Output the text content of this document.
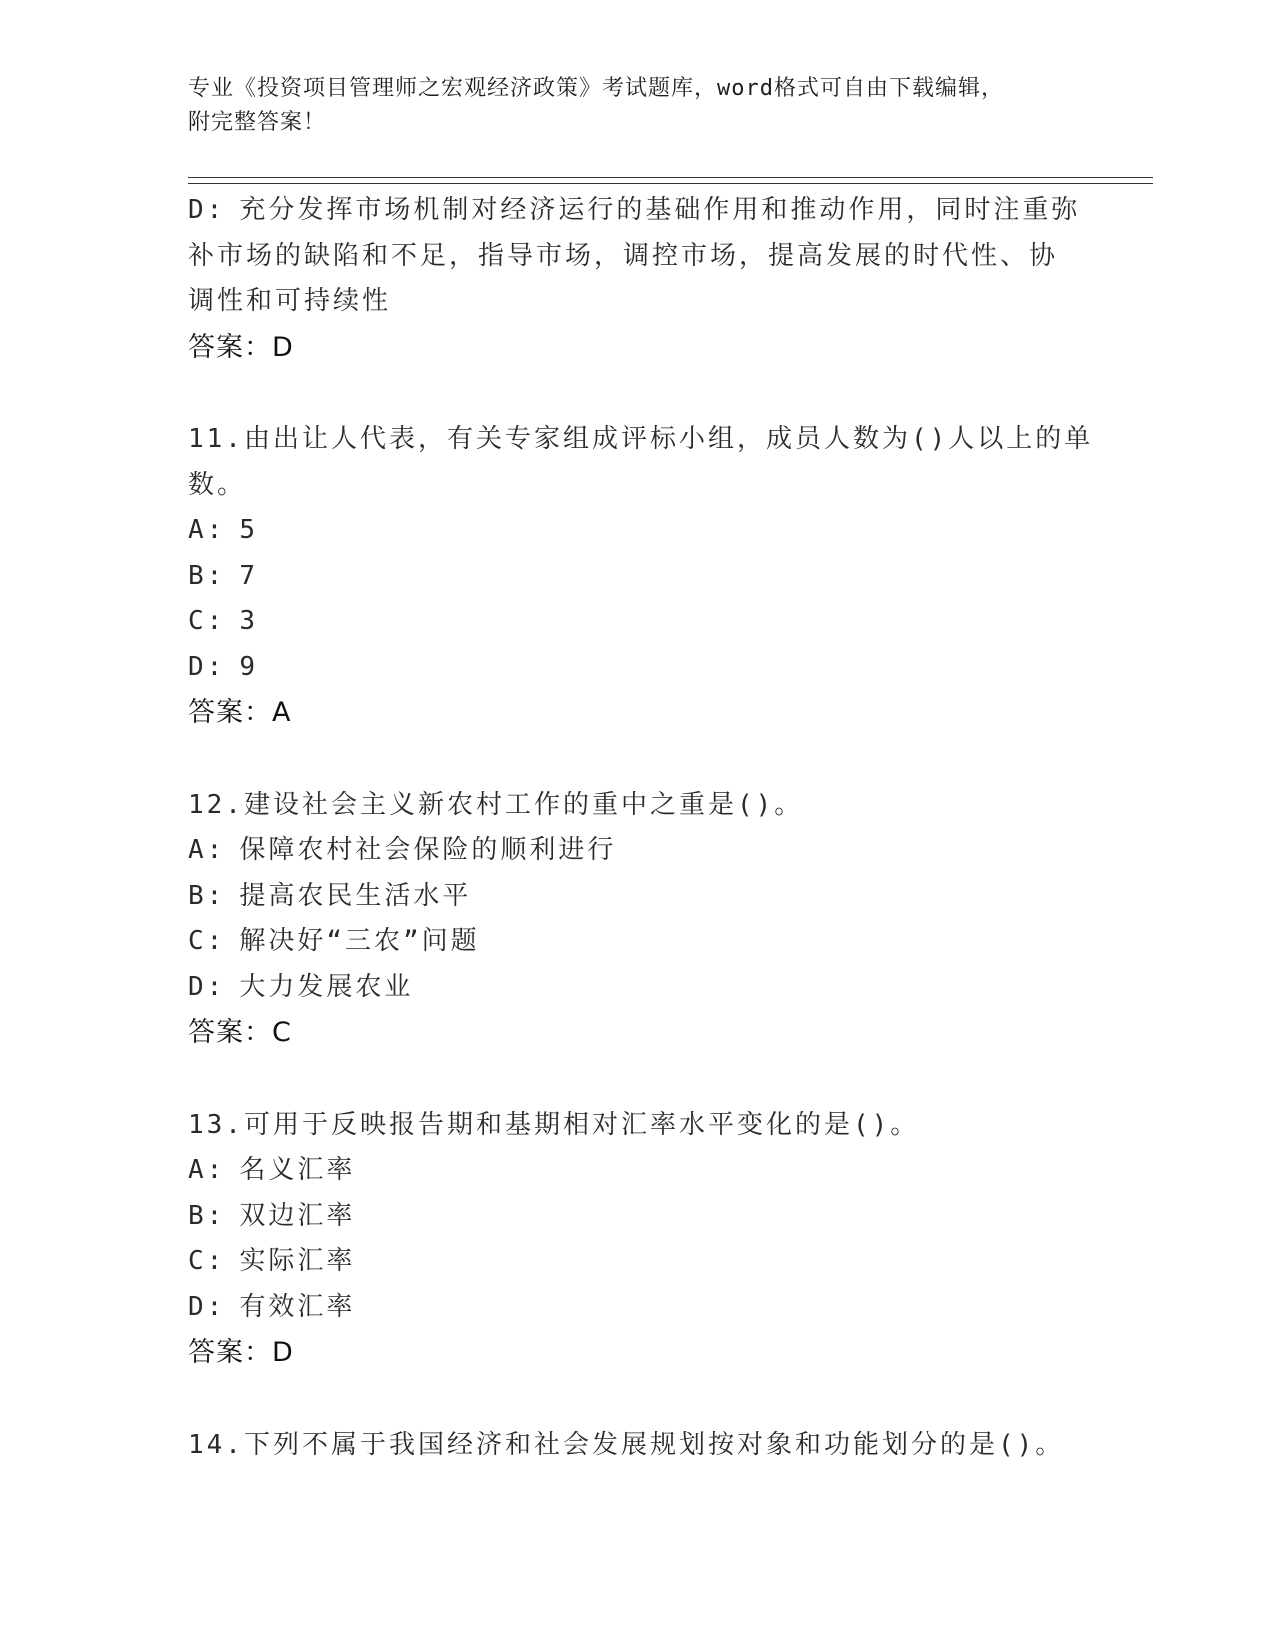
专业《投资项目管理师之宏观经济政策》考试题库，word格式可自由下载编辑，
附完整答案！
D: 充分发挥市场机制对经济运行的基础作用和推动作用，同时注重弥
补市场的缺陷和不足，指导市场，调控市场，提高发展的时代性、协
调性和可持续性
答案：D
11.由出让人代表，有关专家组成评标小组，成员人数为()人以上的单
数。
A: 5
B: 7
C: 3
D: 9
答案：A
12.建设社会主义新农村工作的重中之重是()。
A: 保障农村社会保险的顺利进行
B: 提高农民生活水平
C: 解决好“三农”问题
D: 大力发展农业
答案：C
13.可用于反映报告期和基期相对汇率水平变化的是()。
A: 名义汇率
B: 双边汇率
C: 实际汇率
D: 有效汇率
答案：D
14.下列不属于我国经济和社会发展规划按对象和功能划分的是()。
